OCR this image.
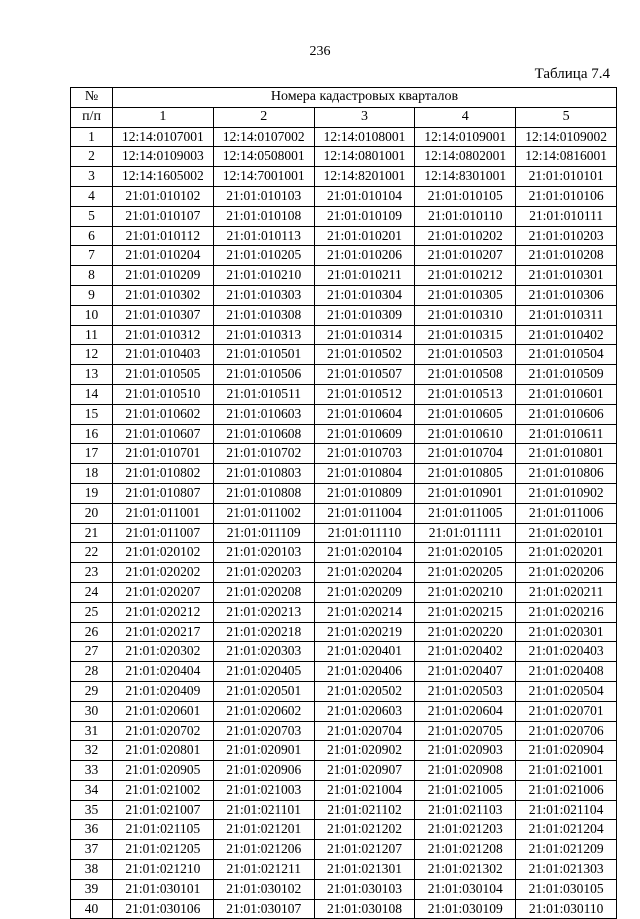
236
Таблица 7.4
№	Номера кадастровых кварталов				
п/п	1	2	3	4	5
1	12:14:0107001	12:14:0107002	12:14:0108001	12:14:0109001	12:14:0109002
2	12:14:0109003	12:14:0508001	12:14:0801001	12:14:0802001	12:14:0816001
3	12:14:1605002	12:14:7001001	12:14:8201001	12:14:8301001	21:01:010101
4	21:01:010102	21:01:010103	21:01:010104	21:01:010105	21:01:010106
5	21:01:010107	21:01:010108	21:01:010109	21:01:010110	21:01:010111
6	21:01:010112	21:01:010113	21:01:010201	21:01:010202	21:01:010203
7	21:01:010204	21:01:010205	21:01:010206	21:01:010207	21:01:010208
8	21:01:010209	21:01:010210	21:01:010211	21:01:010212	21:01:010301
9	21:01:010302	21:01:010303	21:01:010304	21:01:010305	21:01:010306
10	21:01:010307	21:01:010308	21:01:010309	21:01:010310	21:01:010311
11	21:01:010312	21:01:010313	21:01:010314	21:01:010315	21:01:010402
12	21:01:010403	21:01:010501	21:01:010502	21:01:010503	21:01:010504
13	21:01:010505	21:01:010506	21:01:010507	21:01:010508	21:01:010509
14	21:01:010510	21:01:010511	21:01:010512	21:01:010513	21:01:010601
15	21:01:010602	21:01:010603	21:01:010604	21:01:010605	21:01:010606
16	21:01:010607	21:01:010608	21:01:010609	21:01:010610	21:01:010611
17	21:01:010701	21:01:010702	21:01:010703	21:01:010704	21:01:010801
18	21:01:010802	21:01:010803	21:01:010804	21:01:010805	21:01:010806
19	21:01:010807	21:01:010808	21:01:010809	21:01:010901	21:01:010902
20	21:01:011001	21:01:011002	21:01:011004	21:01:011005	21:01:011006
21	21:01:011007	21:01:011109	21:01:011110	21:01:011111	21:01:020101
22	21:01:020102	21:01:020103	21:01:020104	21:01:020105	21:01:020201
23	21:01:020202	21:01:020203	21:01:020204	21:01:020205	21:01:020206
24	21:01:020207	21:01:020208	21:01:020209	21:01:020210	21:01:020211
25	21:01:020212	21:01:020213	21:01:020214	21:01:020215	21:01:020216
26	21:01:020217	21:01:020218	21:01:020219	21:01:020220	21:01:020301
27	21:01:020302	21:01:020303	21:01:020401	21:01:020402	21:01:020403
28	21:01:020404	21:01:020405	21:01:020406	21:01:020407	21:01:020408
29	21:01:020409	21:01:020501	21:01:020502	21:01:020503	21:01:020504
30	21:01:020601	21:01:020602	21:01:020603	21:01:020604	21:01:020701
31	21:01:020702	21:01:020703	21:01:020704	21:01:020705	21:01:020706
32	21:01:020801	21:01:020901	21:01:020902	21:01:020903	21:01:020904
33	21:01:020905	21:01:020906	21:01:020907	21:01:020908	21:01:021001
34	21:01:021002	21:01:021003	21:01:021004	21:01:021005	21:01:021006
35	21:01:021007	21:01:021101	21:01:021102	21:01:021103	21:01:021104
36	21:01:021105	21:01:021201	21:01:021202	21:01:021203	21:01:021204
37	21:01:021205	21:01:021206	21:01:021207	21:01:021208	21:01:021209
38	21:01:021210	21:01:021211	21:01:021301	21:01:021302	21:01:021303
39	21:01:030101	21:01:030102	21:01:030103	21:01:030104	21:01:030105
40	21:01:030106	21:01:030107	21:01:030108	21:01:030109	21:01:030110
